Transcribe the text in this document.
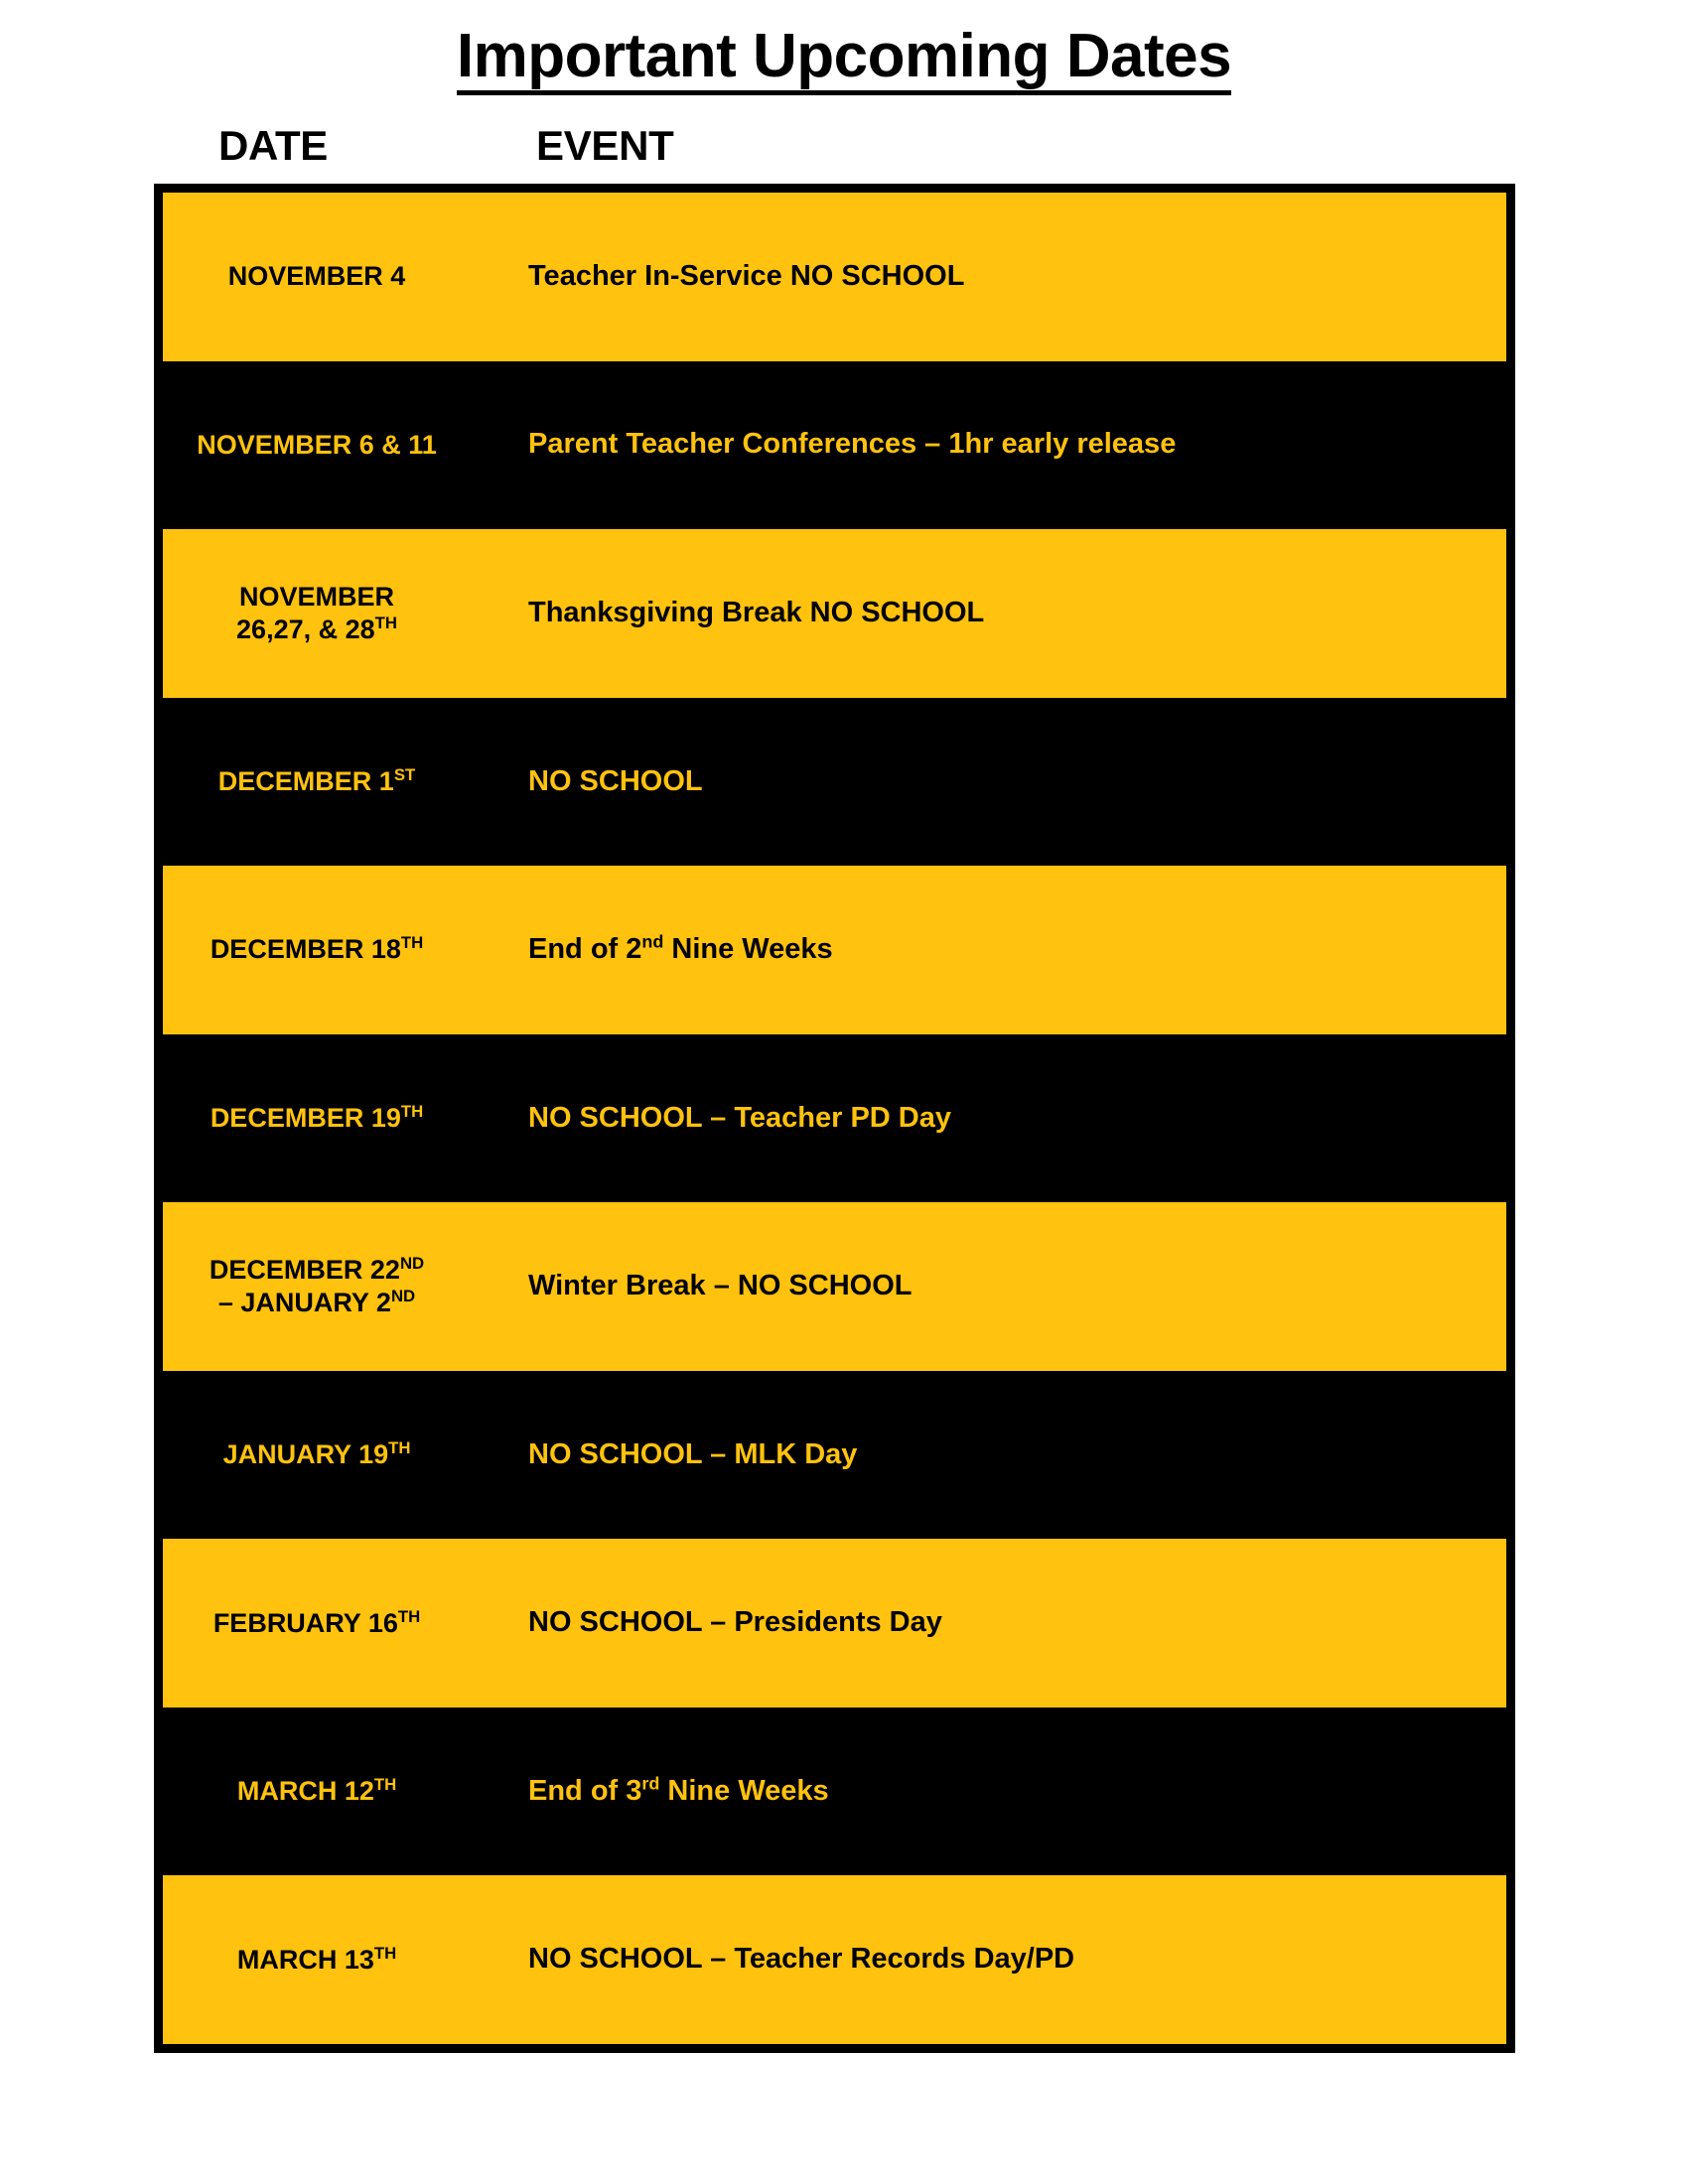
Important Upcoming Dates
DATE	EVENT
NOVEMBER 4	Teacher In-Service NO SCHOOL
NOVEMBER 6 & 11	Parent Teacher Conferences – 1hr early release
NOVEMBER
26,27, & 28TH	Thanksgiving Break NO SCHOOL
DECEMBER 1ST	NO SCHOOL
DECEMBER 18TH	End of 2nd Nine Weeks
DECEMBER 19TH	NO SCHOOL – Teacher PD Day
DECEMBER 22ND
– JANUARY 2ND	Winter Break – NO SCHOOL
JANUARY 19TH	NO SCHOOL – MLK Day
FEBRUARY 16TH	NO SCHOOL – Presidents Day
MARCH 12TH	End of 3rd Nine Weeks
MARCH 13TH	NO SCHOOL – Teacher Records Day/PD
